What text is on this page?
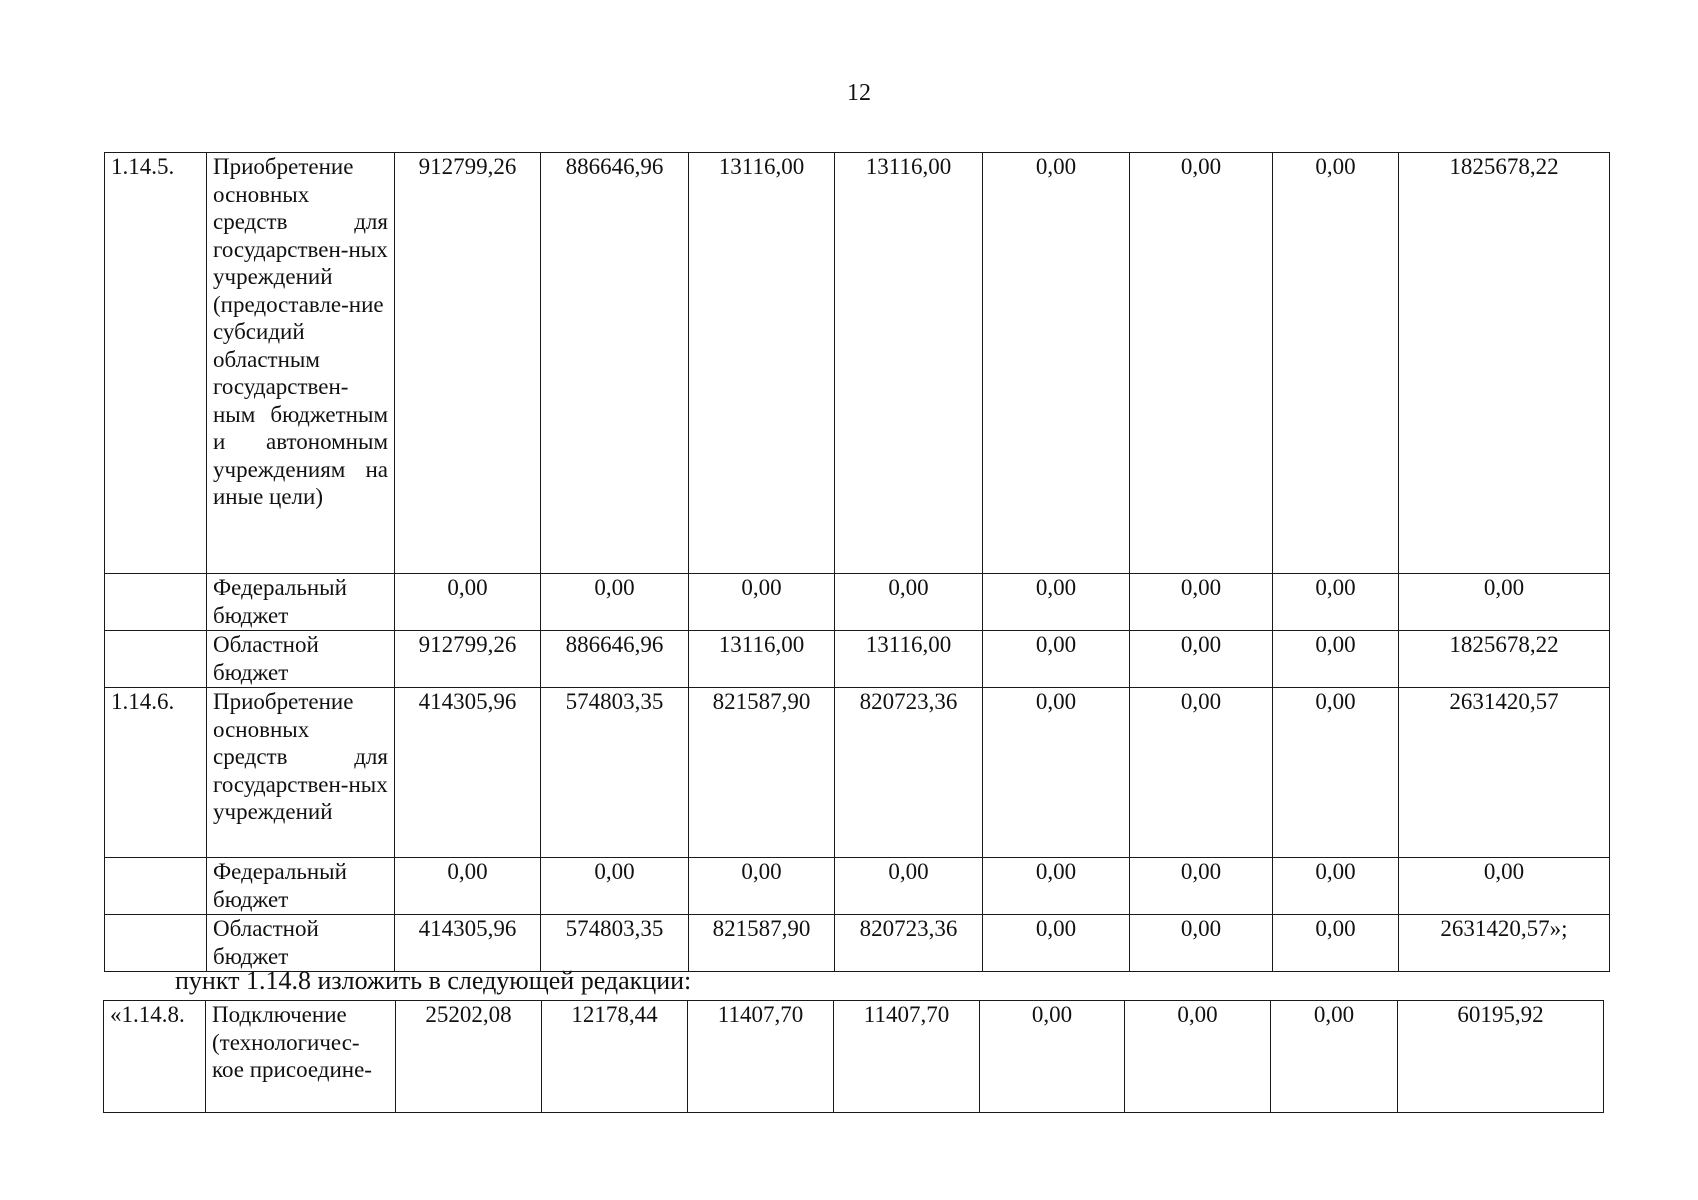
12
1.14.5.	Приобретение основных средств для государствен-ных учреждений (предоставле-ние субсидий областным государствен-ным бюджетным и автономным учреждениям на иные цели)	912799,26	886646,96	13116,00	13116,00	0,00	0,00	0,00	1825678,22
	Федеральный бюджет	0,00	0,00	0,00	0,00	0,00	0,00	0,00	0,00
	Областной бюджет	912799,26	886646,96	13116,00	13116,00	0,00	0,00	0,00	1825678,22
1.14.6.	Приобретение основных средств для государствен-ных учреждений	414305,96	574803,35	821587,90	820723,36	0,00	0,00	0,00	2631420,57
	Федеральный бюджет	0,00	0,00	0,00	0,00	0,00	0,00	0,00	0,00
	Областной бюджет	414305,96	574803,35	821587,90	820723,36	0,00	0,00	0,00	2631420,57»;
пункт 1.14.8 изложить в следующей редакции:
«1.14.8.	Подключение (технологичес-кое присоедине-	25202,08	12178,44	11407,70	11407,70	0,00	0,00	0,00	60195,92
